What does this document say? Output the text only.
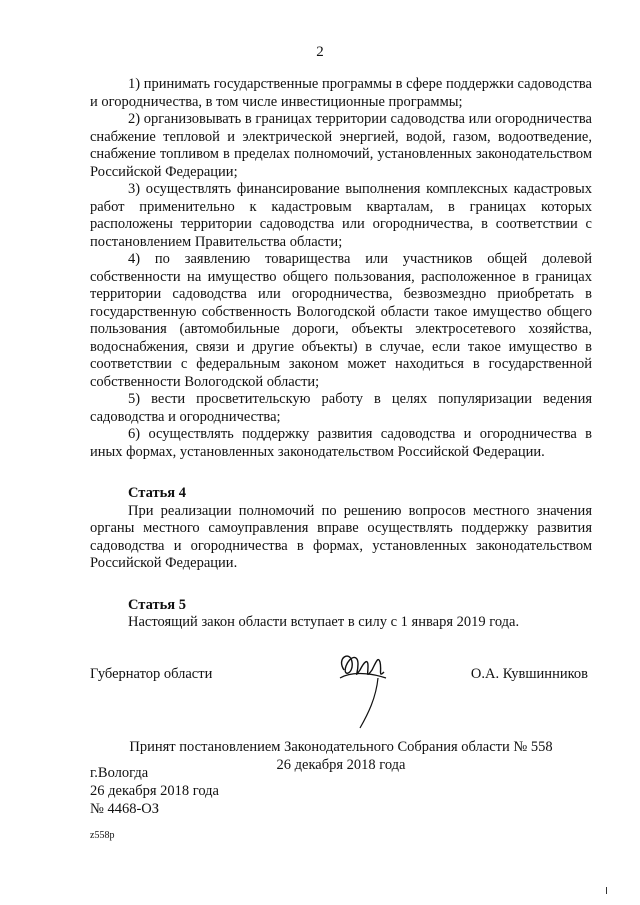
2

1) принимать государственные программы в сфере поддержки садоводства и огородничества, в том числе инвестиционные программы;

2) организовывать в границах территории садоводства или огородничества снабжение тепловой и электрической энергией, водой, газом, водоотведение, снабжение топливом в пределах полномочий, установленных законодательством Российской Федерации;

3) осуществлять финансирование выполнения комплексных кадастровых работ применительно к кадастровым кварталам, в границах которых расположены территории садоводства или огородничества, в соответствии с постановлением Правительства области;

4) по заявлению товарищества или участников общей долевой собственности на имущество общего пользования, расположенное в границах территории садоводства или огородничества, безвозмездно приобретать в государственную собственность Вологодской области такое имущество общего пользования (автомобильные дороги, объекты электросетевого хозяйства, водоснабжения, связи и другие объекты) в случае, если такое имущество в соответствии с федеральным законом может находиться в государственной собственности Вологодской области;

5) вести просветительскую работу в целях популяризации ведения садоводства и огородничества;

6) осуществлять поддержку развития садоводства и огородничества в иных формах, установленных законодательством Российской Федерации.

Статья 4

При реализации полномочий по решению вопросов местного значения органы местного самоуправления вправе осуществлять поддержку развития садоводства и огородничества в формах, установленных законодательством Российской Федерации.

Статья 5

Настоящий закон области вступает в силу с 1 января 2019 года.

Губернатор области	О.А. Кувшинников
Принят постановлением Законодательного Собрания области № 558
26 декабря 2018 года
г.Вологда
26 декабря 2018 года
№ 4468-ОЗ
z558p
